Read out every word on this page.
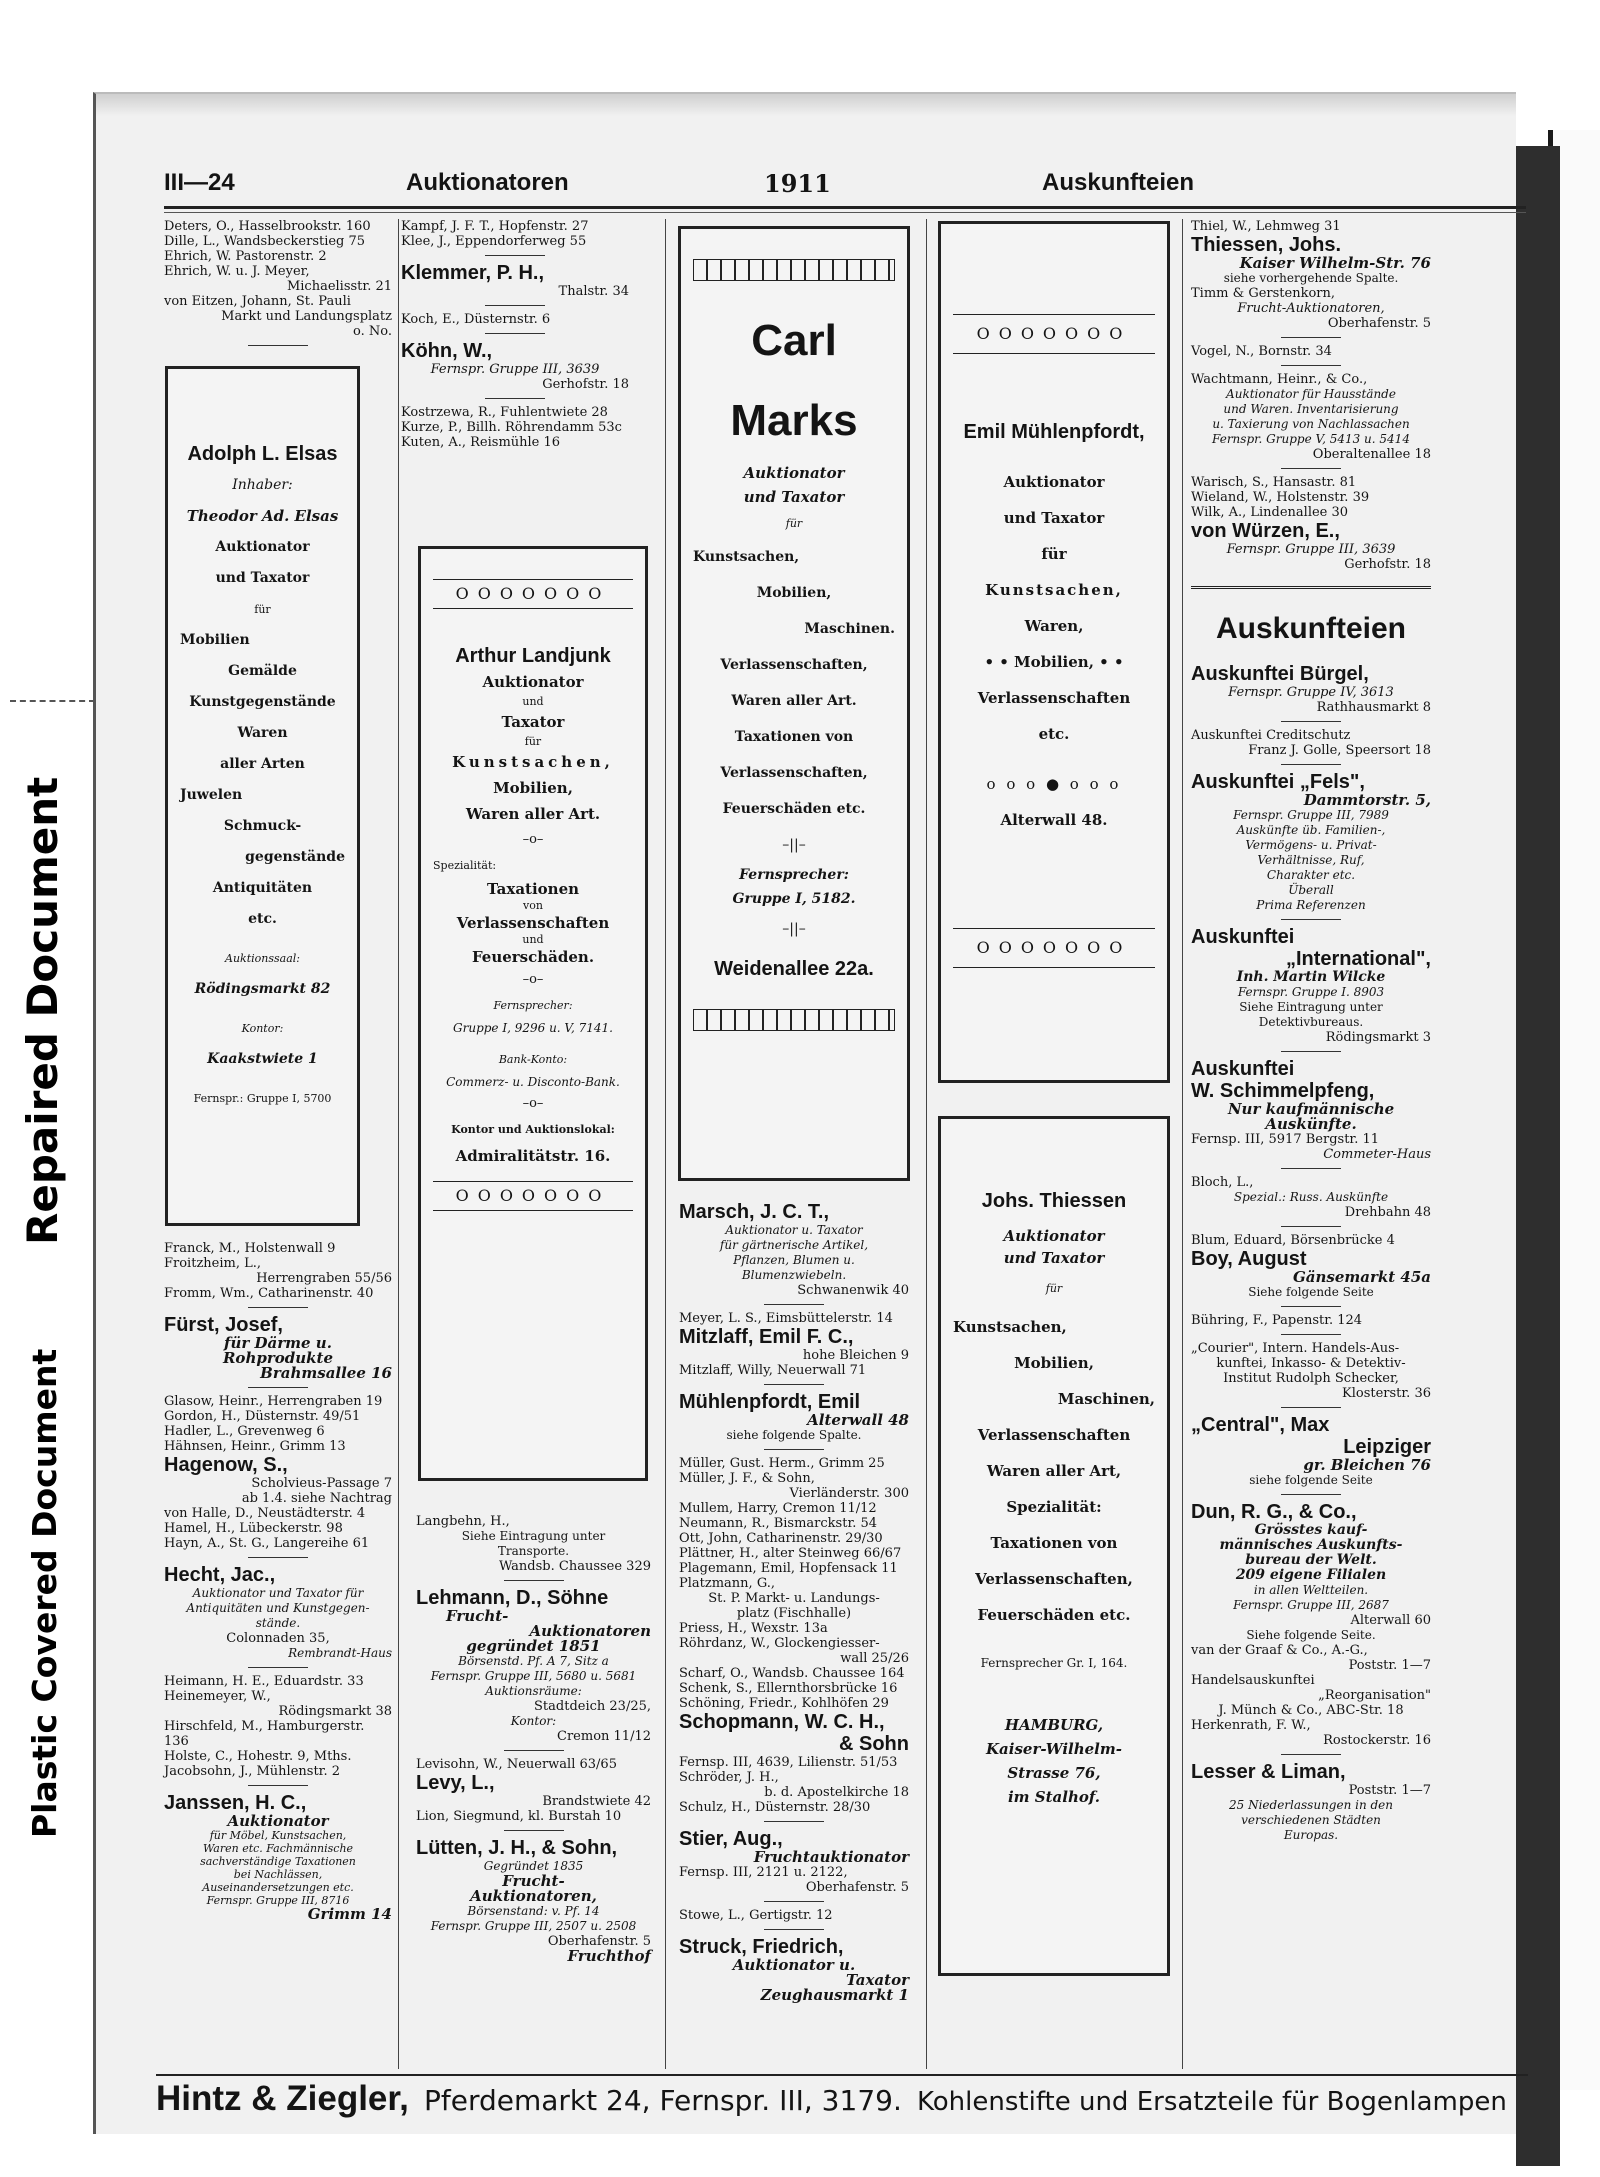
Repaired Document
Plastic Covered Document
III—24	Auktionatoren	1911	Auskunfteien

Deters, O., Hasselbrookstr. 160

Dille, L., Wandsbeckerstieg 75

Ehrich, W. Pastorenstr. 2

Ehrich, W. u. J. Meyer,

Michaelisstr. 21

von Eitzen, Johann, St. Pauli

Markt und Landungsplatz

o. No.

Adolph L. Elsas
Inhaber:
Theodor Ad. Elsas
Auktionator
und Taxator
für
Mobilien
Gemälde
Kunstgegenstände
Waren
aller Arten
Juwelen
Schmuck-
gegenstände
Antiquitäten
etc.
Auktionssaal:
Rödingsmarkt 82
Kontor:
Kaakstwiete 1
Fernspr.: Gruppe I, 5700

Franck, M., Holstenwall 9

Froitzheim, L.,

Herrengraben 55/56

Fromm, Wm., Catharinenstr. 40

Fürst, Josef,

für Därme u.

Rohprodukte

Brahmsallee 16

Glasow, Heinr., Herrengraben 19

Gordon, H., Düsternstr. 49/51

Hadler, L., Grevenweg 6

Hähnsen, Heinr., Grimm 13

Hagenow, S.,

Scholvieus-Passage 7

ab 1.4. siehe Nachtrag

von Halle, D., Neustädterstr. 4

Hamel, H., Lübeckerstr. 98

Hayn, A., St. G., Langereihe 61

Hecht, Jac.,

Auktionator und Taxator für

Antiquitäten und Kunstgegen-

stände.

Colonnaden 35,

Rembrandt-Haus

Heimann, H. E., Eduardstr. 33

Heinemeyer, W.,

Rödingsmarkt 38

Hirschfeld, M., Hamburgerstr. 136

Holste, C., Hohestr. 9, Mths.

Jacobsohn, J., Mühlenstr. 2

Janssen, H. C.,

Auktionator

für Möbel, Kunstsachen,

Waren etc. Fachmännische

sachverständige Taxationen

bei Nachlässen,

Auseinandersetzungen etc.

Fernspr. Gruppe III, 8716

Grimm 14

Kampf, J. F. T., Hopfenstr. 27

Klee, J., Eppendorferweg 55

Klemmer, P. H.,

Thalstr. 34

Koch, E., Düsternstr. 6

Köhn, W.,

Fernspr. Gruppe III, 3639

Gerhofstr. 18

Kostrzewa, R., Fuhlentwiete 28

Kurze, P., Billh. Röhrendamm 53c

Kuten, A., Reismühle 16

OOOOOOO
Arthur Landjunk
Auktionator
und
Taxator
für
Kunstsachen,
Mobilien,
Waren aller Art.
–o–
Spezialität:
Taxationen
von
Verlassenschaften
und
Feuerschäden.
–o–
Fernsprecher:
Gruppe I, 9296 u. V, 7141.
Bank-Konto:
Commerz- u. Disconto-Bank.
–o–
Kontor und Auktionslokal:
Admiralitätstr. 16.
OOOOOOO

Langbehn, H.,

Siehe Eintragung unter

Transporte.

Wandsb. Chaussee 329

Lehmann, D., Söhne

Frucht-

Auktionatoren

gegründet 1851

Börsenstd. Pf. A 7, Sitz a

Fernspr. Gruppe III, 5680 u. 5681

Auktionsräume:

Stadtdeich 23/25,

Kontor:

Cremon 11/12

Levisohn, W., Neuerwall 63/65

Levy, L.,

Brandstwiete 42

Lion, Siegmund, kl. Burstah 10

Lütten, J. H., & Sohn,

Gegründet 1835

Frucht-

Auktionatoren,

Börsenstand: v. Pf. 14

Fernspr. Gruppe III, 2507 u. 2508

Oberhafenstr. 5

Fruchthof

Carl Marks
Auktionator
und Taxator
für
Kunstsachen,
Mobilien,
Maschinen.
Verlassenschaften,
Waren aller Art.
Taxationen von
Verlassenschaften,
Feuerschäden etc.
–||–
Fernsprecher:
Gruppe I, 5182.
–||–
Weidenallee 22a.

Marsch, J. C. T.,

Auktionator u. Taxator

für gärtnerische Artikel,

Pflanzen, Blumen u.

Blumenzwiebeln.

Schwanenwik 40

Meyer, L. S., Eimsbüttelerstr. 14

Mitzlaff, Emil F. C.,

hohe Bleichen 9

Mitzlaff, Willy, Neuerwall 71

Mühlenpfordt, Emil

Alterwall 48

siehe folgende Spalte.

Müller, Gust. Herm., Grimm 25

Müller, J. F., & Sohn,

Vierländerstr. 300

Mullem, Harry, Cremon 11/12

Neumann, R., Bismarckstr. 54

Ott, John, Catharinenstr. 29/30

Plättner, H., alter Steinweg 66/67

Plagemann, Emil, Hopfensack 11

Platzmann, G.,

St. P. Markt- u. Landungs-

platz (Fischhalle)

Priess, H., Wexstr. 13a

Röhrdanz, W., Glockengiesser-

wall 25/26

Scharf, O., Wandsb. Chaussee 164

Schenk, S., Ellernthorsbrücke 16

Schöning, Friedr., Kohlhöfen 29

Schopmann, W. C. H.,

& Sohn

Fernsp. III, 4639, Lilienstr. 51/53

Schröder, J. H.,

b. d. Apostelkirche 18

Schulz, H., Düsternstr. 28/30

Stier, Aug.,

Fruchtauktionator

Fernsp. III, 2121 u. 2122,

Oberhafenstr. 5

Stowe, L., Gertigstr. 12

Struck, Friedrich,

Auktionator u.

Taxator

Zeughausmarkt 1

OOOOOOO
Emil Mühlenpfordt,
Auktionator
und Taxator
für
Kunstsachen,
Waren,
• • Mobilien, • •
Verlassenschaften
etc.
o o o ● o o o
Alterwall 48.
OOOOOOO
Johs. Thiessen
Auktionator
und Taxator
für
Kunstsachen,
Mobilien,
Maschinen,
Verlassenschaften
Waren aller Art,
Spezialität:
Taxationen von
Verlassenschaften,
Feuerschäden etc.
Fernsprecher Gr. I, 164.
HAMBURG,
Kaiser-Wilhelm-
Strasse 76,
im Stalhof.

Thiel, W., Lehmweg 31

Thiessen, Johs.

Kaiser Wilhelm-Str. 76

siehe vorhergehende Spalte.

Timm & Gerstenkorn,

Frucht-Auktionatoren,

Oberhafenstr. 5

Vogel, N., Bornstr. 34

Wachtmann, Heinr., & Co.,

Auktionator für Hausstände

und Waren. Inventarisierung

u. Taxierung von Nachlassachen

Fernspr. Gruppe V, 5413 u. 5414

Oberaltenallee 18

Warisch, S., Hansastr. 81

Wieland, W., Holstenstr. 39

Wilk, A., Lindenallee 30

von Würzen, E.,

Fernspr. Gruppe III, 3639

Gerhofstr. 18

Auskunfteien

Auskunftei Bürgel,

Fernspr. Gruppe IV, 3613

Rathhausmarkt 8

Auskunftei Creditschutz

Franz J. Golle, Speersort 18

Auskunftei „Fels",

Dammtorstr. 5,

Fernspr. Gruppe III, 7989

Auskünfte üb. Familien-,

Vermögens- u. Privat-

Verhältnisse, Ruf,

Charakter etc.

Überall

Prima Referenzen

Auskunftei

„International",

Inh. Martin Wilcke

Fernspr. Gruppe I. 8903

Siehe Eintragung unter

Detektivbureaus.

Rödingsmarkt 3

Auskunftei

W. Schimmelpfeng,

Nur kaufmännische

Auskünfte.

Fernsp. III, 5917 Bergstr. 11

Commeter-Haus

Bloch, L.,

Spezial.: Russ. Auskünfte

Drehbahn 48

Blum, Eduard, Börsenbrücke 4

Boy, August

Gänsemarkt 45a

Siehe folgende Seite

Bühring, F., Papenstr. 124

„Courier", Intern. Handels-Aus-

kunftei, Inkasso- & Detektiv-

Institut Rudolph Schecker,

Klosterstr. 36

„Central", Max

Leipziger

gr. Bleichen 76

siehe folgende Seite

Dun, R. G., & Co.,

Grösstes kauf-

männisches Auskunfts-

bureau der Welt.

209 eigene Filialen

in allen Weltteilen.

Fernspr. Gruppe III, 2687

Alterwall 60

Siehe folgende Seite.

van der Graaf & Co., A.-G.,

Poststr. 1—7

Handelsauskunftei

„Reorganisation"

J. Münch & Co., ABC-Str. 18

Herkenrath, F. W.,

Rostockerstr. 16

Lesser & Liman,

Poststr. 1—7

25 Niederlassungen in den

verschiedenen Städten

Europas.

Hintz & Ziegler, Pferdemarkt 24, Fernspr. III, 3179. Kohlenstifte und Ersatzteile für Bogenlampen
